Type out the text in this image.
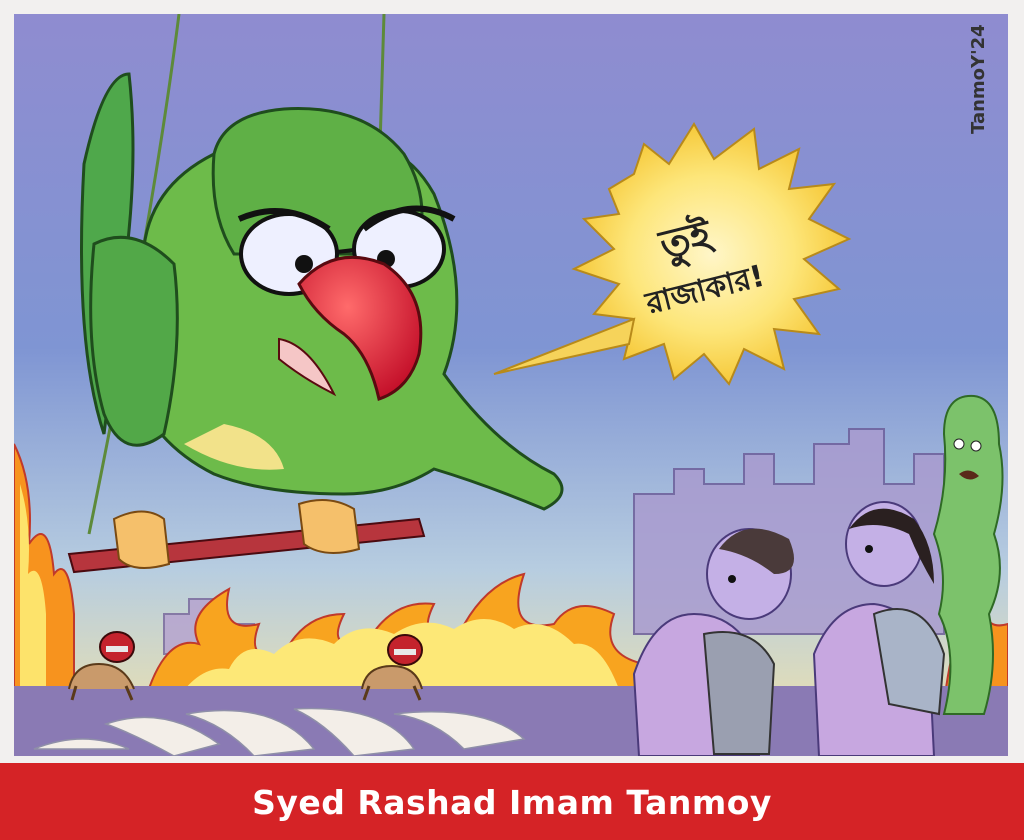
তুই
রাজাকার!
TanmoY'24
Syed Rashad Imam Tanmoy
